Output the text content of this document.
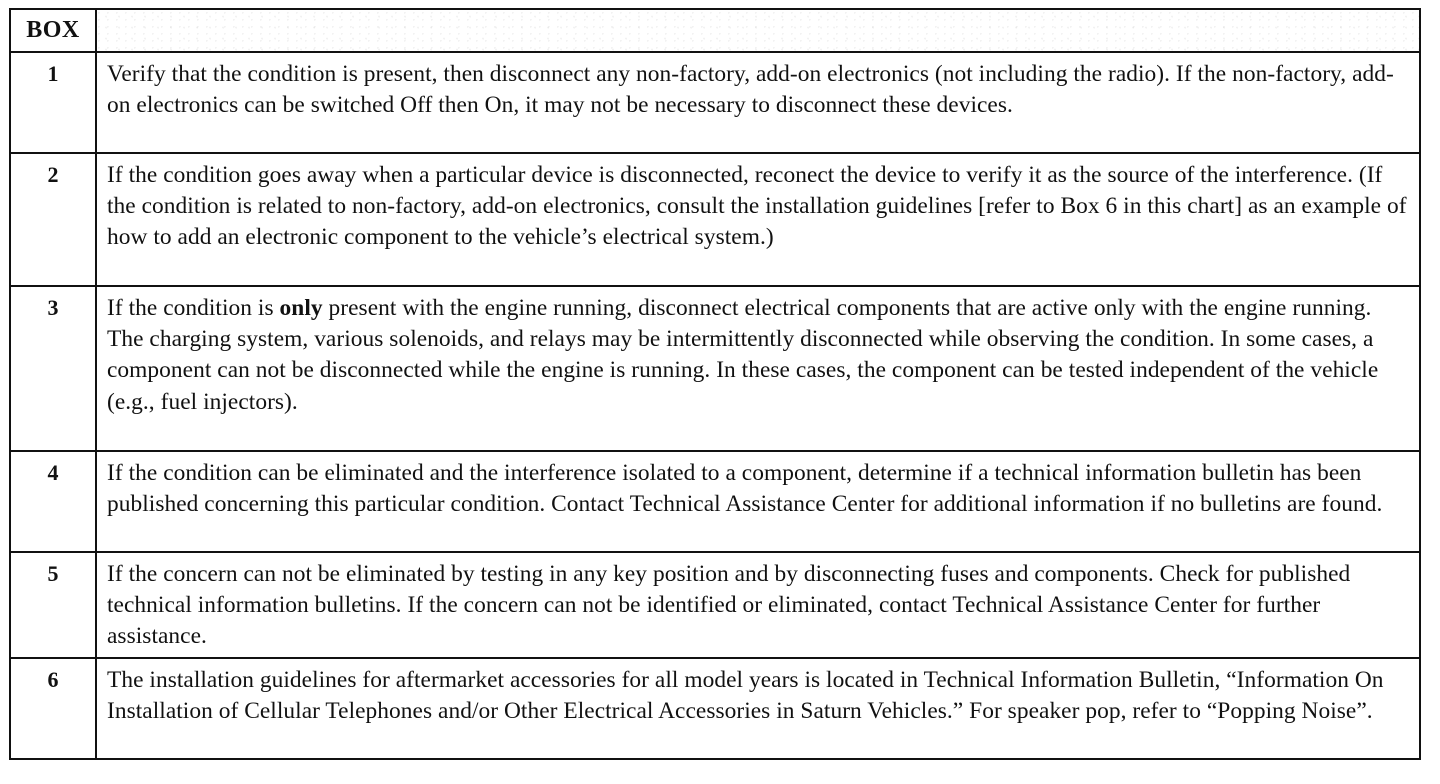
BOX	
1	Verify that the condition is present, then disconnect any non-factory, add-on electronics (not including the radio). If the non-factory, add-on electronics can be switched Off then On, it may not be necessary to disconnect these devices.
2	If the condition goes away when a particular device is disconnected, reconect the device to verify it as the source of the interference. (If the condition is related to non-factory, add-on electronics, consult the installation guidelines [refer to Box 6 in this chart] as an example of how to add an electronic component to the vehicle’s electrical system.)
3	If the condition is only present with the engine running, disconnect electrical components that are active only with the engine running. The charging system, various solenoids, and relays may be intermittently disconnected while observing the condition. In some cases, a component can not be disconnected while the engine is running. In these cases, the component can be tested independent of the vehicle (e.g., fuel injectors).
4	If the condition can be eliminated and the interference isolated to a component, determine if a technical information bulletin has been published concerning this particular condition. Contact Technical Assistance Center for additional information if no bulletins are found.
5	If the concern can not be eliminated by testing in any key position and by disconnecting fuses and components. Check for published technical information bulletins. If the concern can not be identified or eliminated, contact Technical Assistance Center for further assistance.
6	The installation guidelines for aftermarket accessories for all model years is located in Technical Information Bulletin, “Information On Installation of Cellular Telephones and/or Other Electrical Accessories in Saturn Vehicles.” For speaker pop, refer to “Popping Noise”.
